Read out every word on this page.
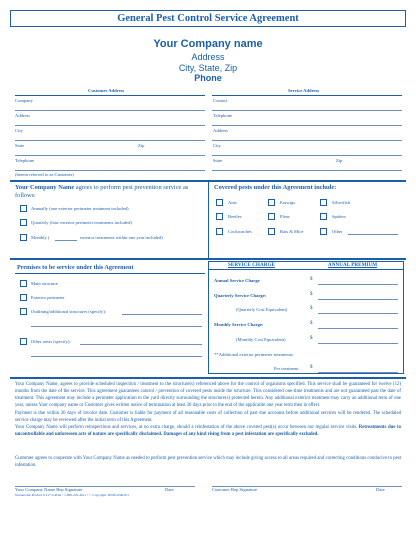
General Pest Control Service Agreement
Your Company name
Address
City, State, Zip
Phone
Customer Address
Company
Address
City
State	Zip
Telephone
(herein referred to as Customer)
Service Address
Contact
Telephone
Address
City
State	Zip
Your Company Name agrees to perform pest prevention service as follows:
Annually (one exterior perimeter treatment included)
Quarterly (four exterior perimeter treatments included)
Monthly (	exterior treatments within one year included)
Covered pests under this Agreement include:
Ants	Earwigs	Silverfish
Beetles	Fleas	Spiders
Cockroaches	Rats & Mice	Other
Premises to be service under this Agreement
Main structure
Exterior perimeter
Outlining/additional structures (specify):
Other areas (specify):
SERVICE CHARGE	ANNUAL PREMIUM
Annual Service Charge	$
Quarterly Service Charge:	$
(Quarterly Cost Equivalent)	$
Monthly Service Charge:	$
(Monthly Cost Equivalent)	$
**Additional exterior perimeter treatments:
Per treatment $
Your Company Name, agrees to provide scheduled inspection / treatment to the structure(s) referenced above for the control of organisms specified. This service shall be guaranteed for twelve (12) months from the date of the service. This agreement guarantees control / prevention of covered pests inside the structure. This considered one-time treatments and are not guaranteed past the date of treatment. This agreement may include a perimeter application to the yard directly surrounding the structure(s) protected herein. Any additional exterior treatment may carry an additional term of one year, unless Your company name or Customer gives written notice of termination at least 30 days prior to the end of the applicable one year term then in effect.
Payment is due within 30 days of invoice date. Customer is liable for payment of all reasonable costs of collection of past due accounts before additional services will be rendered. The scheduled service charge may be reviewed after the initial term of this Agreement.
Your Company Name will perform reinspections and services, at no extra charge, should a reinfestation of the above covered pest(s) occur between our regular service visits. Retreatments due to uncontrollable and unforeseen acts of nature are specifically disclaimed. Damages of any kind rising from a pest infestation are specifically excluded.
Customer agrees to cooperate with Your Company Name as needed to perform pest prevention service which may include giving access to all areas required and correcting conditions conducive to pest infestation.
Your Company Name Rep Signature	Date	Customer Rep Signature	Date
Nationwide Product # 217-2-Print • 1-800-222-4611 • © Copyright, DNIS/ASR-8/3
